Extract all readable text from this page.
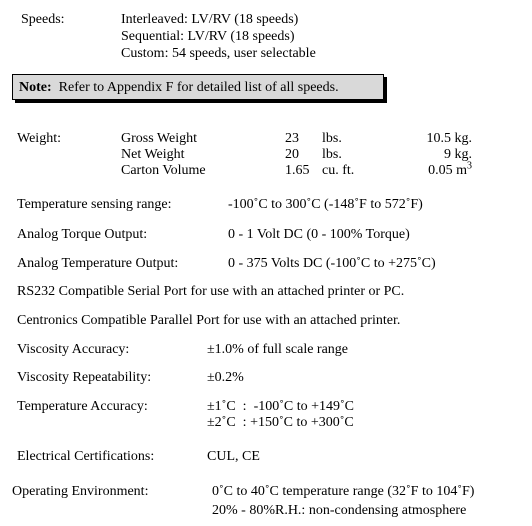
Speeds:	Interleaved: LV/RV (18 speeds)
Sequential: LV/RV (18 speeds)
Custom: 54 speeds, user selectable
Note: Refer to Appendix F for detailed list of all speeds.
Weight:	Gross Weight	23 lbs.	10.5 kg.
Net Weight	20 lbs.	9 kg.
Carton Volume	1.65 cu. ft.	0.05 $m^3$
Temperature sensing range:	-100˚C to 300˚C (-148˚F to 572˚F)
Analog Torque Output:	0 - 1 Volt DC (0 - 100% Torque)
Analog Temperature Output:	0 - 375 Volts DC (-100˚C to +275˚C)
RS232 Compatible Serial Port for use with an attached printer or PC.
Centronics Compatible Parallel Port for use with an attached printer.
Viscosity Accuracy:	±1.0% of full scale range
Viscosity Repeatability:	±0.2%
Temperature Accuracy:	±1˚C  :  -100˚C to +149˚C
±2˚C  : +150˚C to +300˚C
Electrical Certifications:	CUL, CE
Operating Environment:	0˚C to 40˚C temperature range (32˚F to 104˚F)
20% - 80%R.H.: non-condensing atmosphere
